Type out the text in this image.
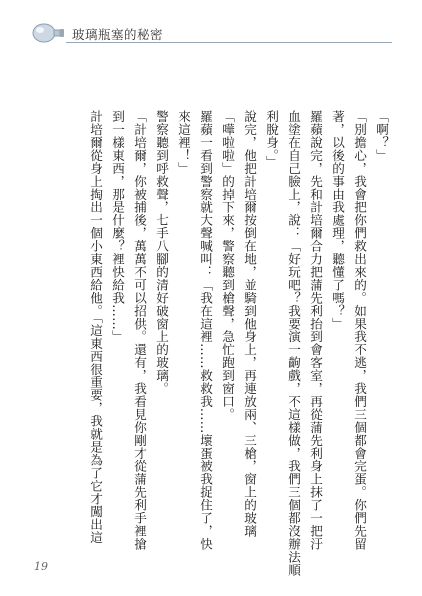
玻璃瓶塞的秘密
「啊？」
「別擔心，我會把你們救出來的。如果我不逃，我們三個都會完蛋。你們先留
著，以後的事由我處理，聽懂了嗎？」
羅蘋說完，先和計培爾合力把蒲先利抬到會客室，再從蒲先利身上抹了一把汙
血塗在自己臉上，說：「好玩吧？我要演一齣戲，不這樣做，我們三個都沒辦法順
利脫身。」
說完，他把計培爾按倒在地，並騎到他身上，再連放兩、三槍，窗上的玻璃
「嘩啦啦」的掉下來，警察聽到槍聲，急忙跑到窗口。
羅蘋一看到警察就大聲喊叫：「我在這裡……救救我……壞蛋被我捉住了，快
來這裡！」
警察聽到呼救聲，七手八腳的清好破窗上的玻璃。
「計培爾，你被捕後，萬萬不可以招供。還有，我看見你剛才從蒲先利手裡搶
到一樣東西，那是什麼？裡快給我……」
計培爾從身上掏出一個小東西給他。「這東西很重要，我就是為了它才闖出這
19
